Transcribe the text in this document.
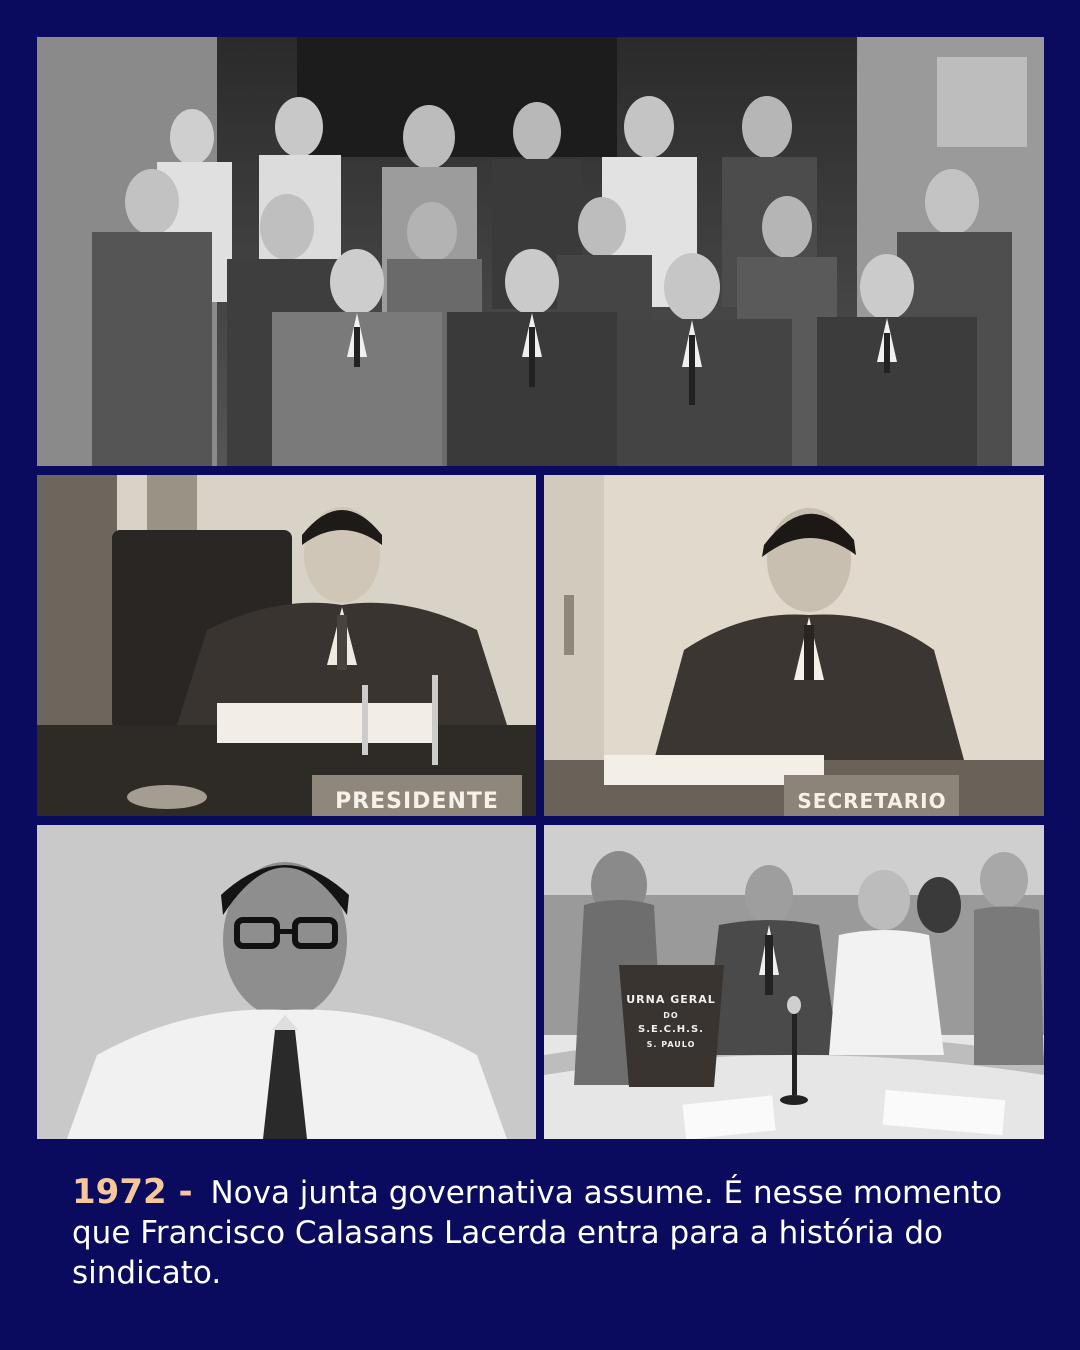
PRESIDENTE	SECRETARIO
URNA GERAL
DO
S.E.C.H.S.
S. PAULO
1972 - Nova junta governativa assume. É nesse momento que Francisco Calasans Lacerda entra para a história do sindicato.
